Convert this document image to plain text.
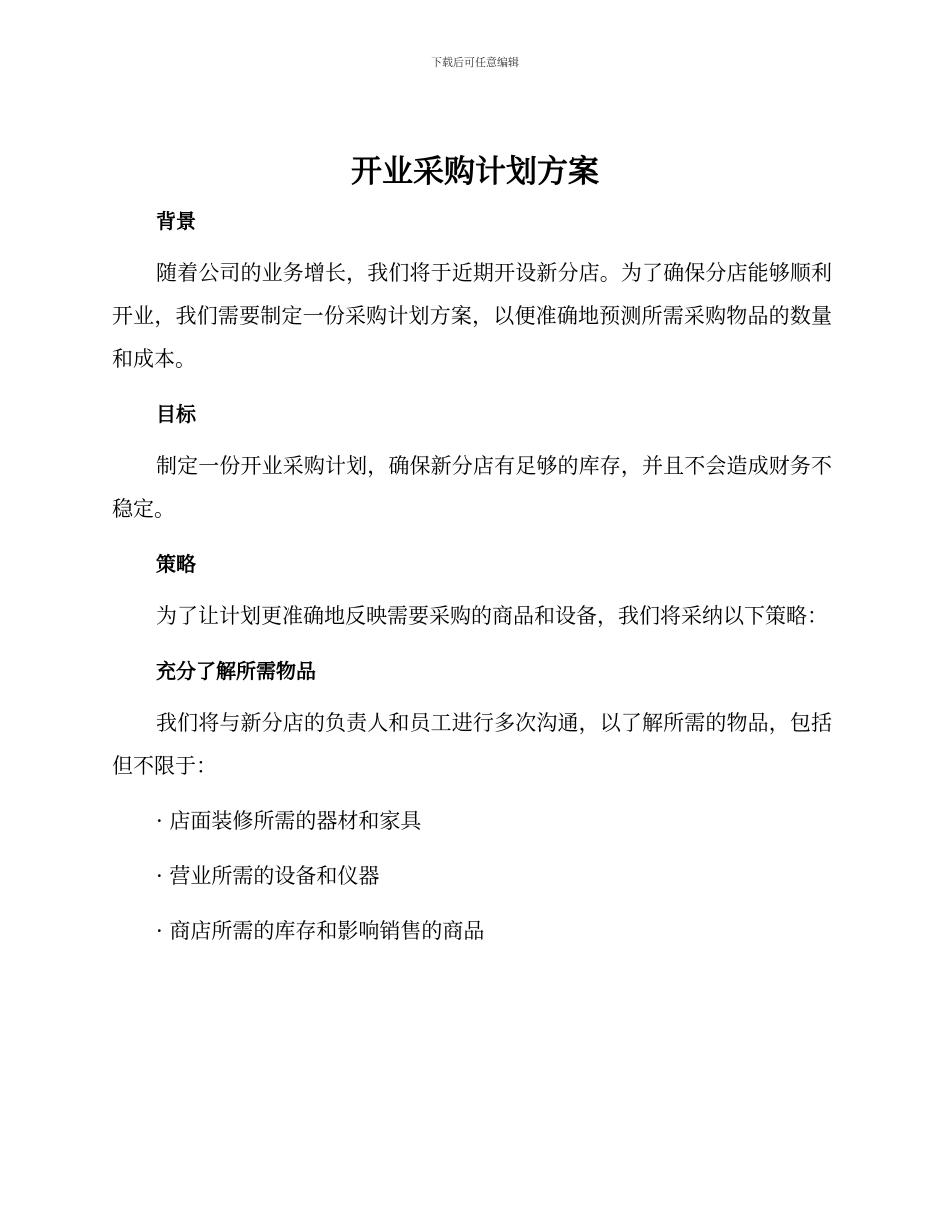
下载后可任意编辑
开业采购计划方案
背景

随着公司的业务增长，我们将于近期开设新分店。为了确保分店能够顺利开业，我们需要制定一份采购计划方案，以便准确地预测所需采购物品的数量和成本。

目标

制定一份开业采购计划，确保新分店有足够的库存，并且不会造成财务不稳定。

策略

为了让计划更准确地反映需要采购的商品和设备，我们将采纳以下策略：

充分了解所需物品

我们将与新分店的负责人和员工进行多次沟通，以了解所需的物品，包括但不限于：

· 店面装修所需的器材和家具

· 营业所需的设备和仪器

· 商店所需的库存和影响销售的商品
